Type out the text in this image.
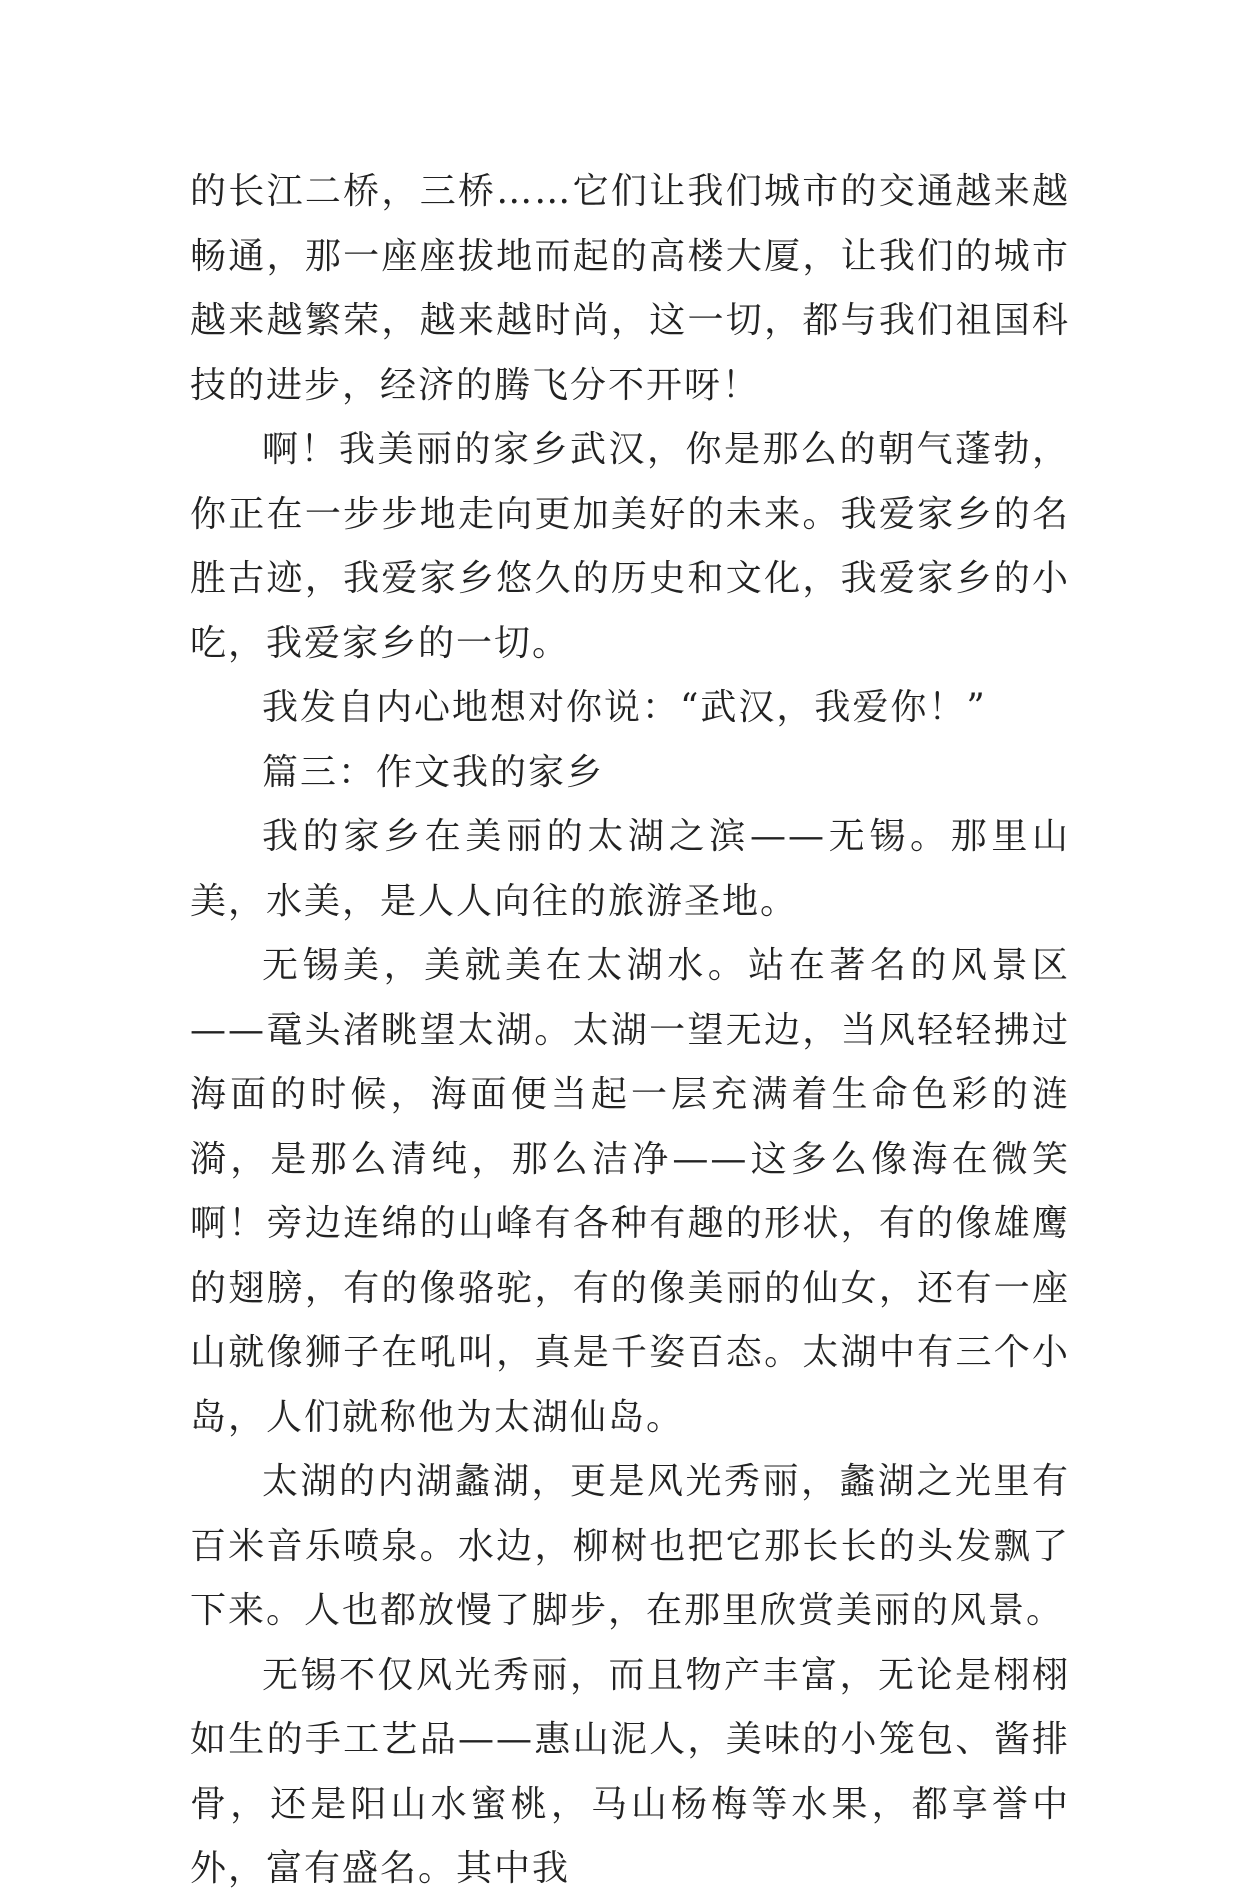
的长江二桥，三桥……它们让我们城市的交通越来越畅通，那一座座拔地而起的高楼大厦，让我们的城市越来越繁荣，越来越时尚，这一切，都与我们祖国科技的进步，经济的腾飞分不开呀！

啊！我美丽的家乡武汉，你是那么的朝气蓬勃，你正在一步步地走向更加美好的未来。我爱家乡的名胜古迹，我爱家乡悠久的历史和文化，我爱家乡的小吃，我爱家乡的一切。

我发自内心地想对你说：“武汉，我爱你！”

篇三：作文我的家乡

我的家乡在美丽的太湖之滨——无锡。那里山美，水美，是人人向往的旅游圣地。

无锡美，美就美在太湖水。站在著名的风景区——鼋头渚眺望太湖。太湖一望无边，当风轻轻拂过海面的时候，海面便当起一层充满着生命色彩的涟漪，是那么清纯，那么洁净——这多么像海在微笑啊！旁边连绵的山峰有各种有趣的形状，有的像雄鹰的翅膀，有的像骆驼，有的像美丽的仙女，还有一座山就像狮子在吼叫，真是千姿百态。太湖中有三个小岛，人们就称他为太湖仙岛。

太湖的内湖蠡湖，更是风光秀丽，蠡湖之光里有百米音乐喷泉。水边，柳树也把它那长长的头发飘了下来。人也都放慢了脚步，在那里欣赏美丽的风景。

无锡不仅风光秀丽，而且物产丰富，无论是栩栩如生的手工艺品——惠山泥人，美味的小笼包、酱排骨，还是阳山水蜜桃，马山杨梅等水果，都享誉中外，富有盛名。其中我
